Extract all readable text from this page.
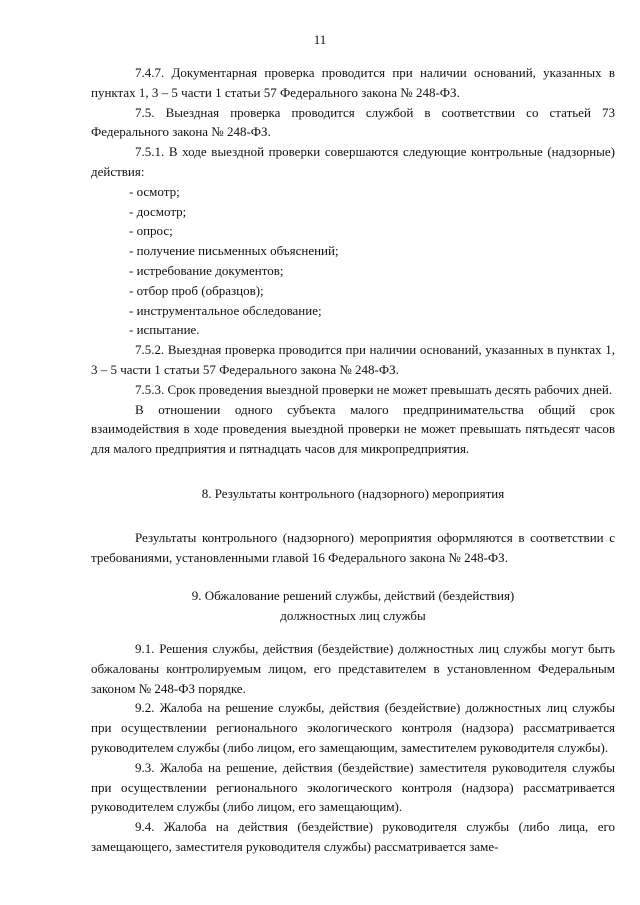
11

7.4.7. Документарная проверка проводится при наличии оснований, указанных в пунктах 1, 3 – 5 части 1 статьи 57 Федерального закона № 248-ФЗ.

7.5. Выездная проверка проводится службой в соответствии со статьей 73 Федерального закона № 248-ФЗ.

7.5.1. В ходе выездной проверки совершаются следующие контрольные (надзорные) действия:

- осмотр;
- досмотр;
- опрос;
- получение письменных объяснений;
- истребование документов;
- отбор проб (образцов);
- инструментальное обследование;
- испытание.

7.5.2. Выездная проверка проводится при наличии оснований, указанных в пунктах 1, 3 – 5 части 1 статьи 57 Федерального закона № 248-ФЗ.

7.5.3. Срок проведения выездной проверки не может превышать десять рабочих дней.

В отношении одного субъекта малого предпринимательства общий срок взаимодействия в ходе проведения выездной проверки не может превышать пятьдесят часов для малого предприятия и пятнадцать часов для микропредприятия.

8. Результаты контрольного (надзорного) мероприятия

Результаты контрольного (надзорного) мероприятия оформляются в соответствии с требованиями, установленными главой 16 Федерального закона № 248-ФЗ.

9. Обжалование решений службы, действий (бездействия)
должностных лиц службы

9.1. Решения службы, действия (бездействие) должностных лиц службы могут быть обжалованы контролируемым лицом, его представителем в установленном Федеральным законом № 248-ФЗ порядке.

9.2. Жалоба на решение службы, действия (бездействие) должностных лиц службы при осуществлении регионального экологического контроля (надзора) рассматривается руководителем службы (либо лицом, его замещающим, заместителем руководителя службы).

9.3. Жалоба на решение, действия (бездействие) заместителя руководителя службы при осуществлении регионального экологического контроля (надзора) рассматривается руководителем службы (либо лицом, его замещающим).

9.4. Жалоба на действия (бездействие) руководителя службы (либо лица, его замещающего, заместителя руководителя службы) рассматривается заме-
